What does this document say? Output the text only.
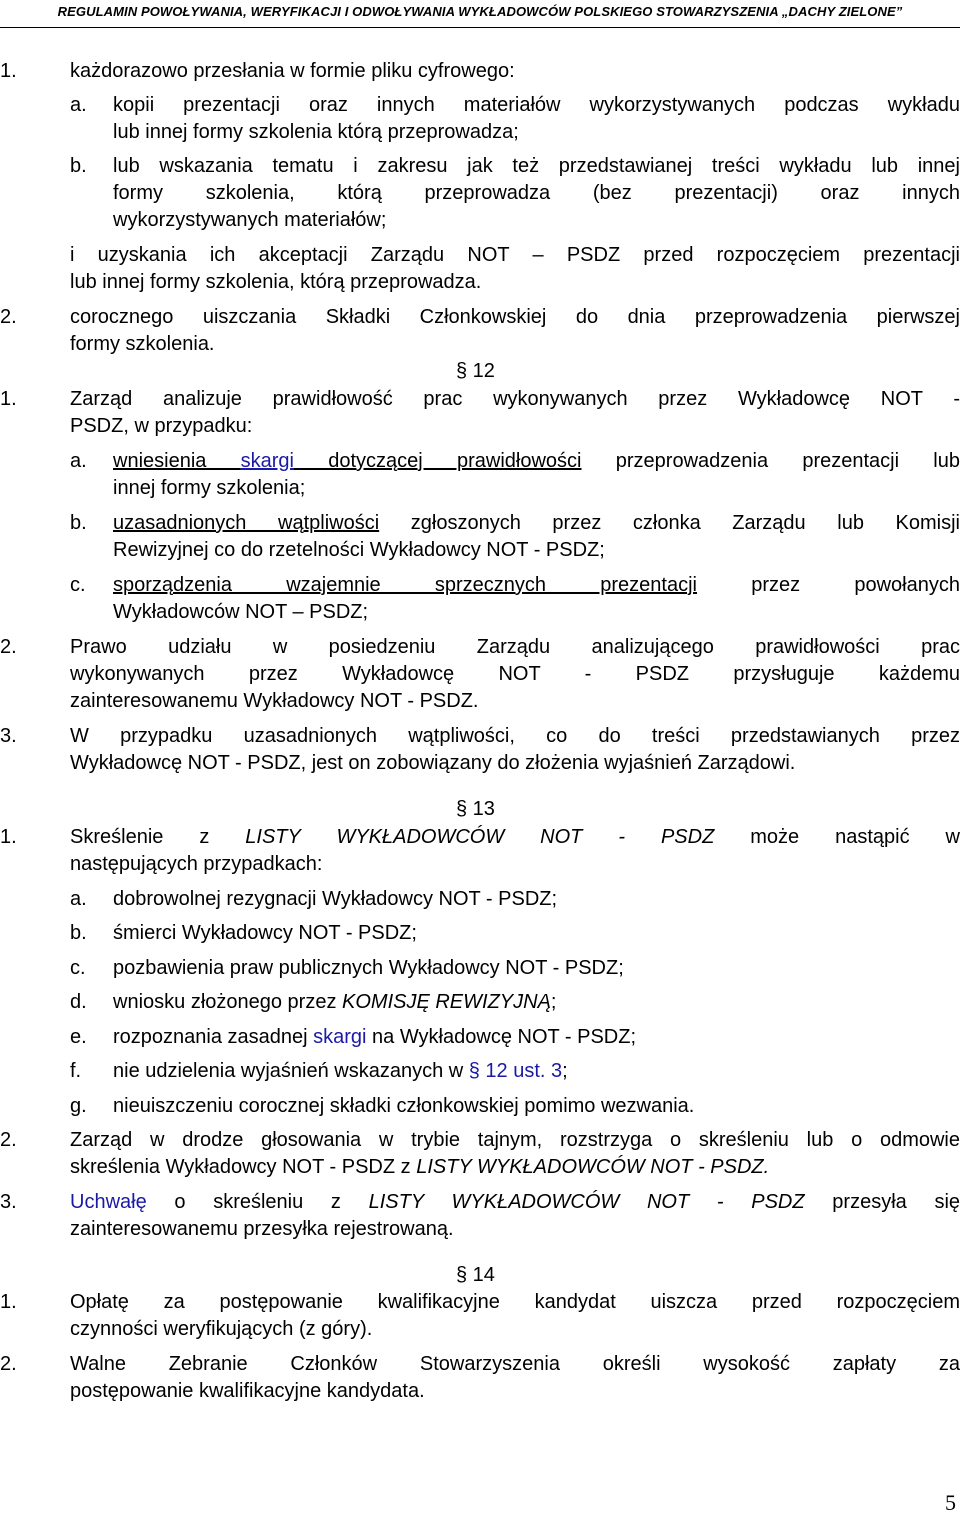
REGULAMIN POWOŁYWANIA, WERYFIKACJI I ODWOŁYWANIA WYKŁADOWCÓW POLSKIEGO STOWARZYSZENIA „DACHY ZIELONE”
1.	każdorazowo przesłania w formie pliku cyfrowego:
a. kopii prezentacji oraz innych materiałów wykorzystywanych podczas wykładu
lub innej formy szkolenia którą przeprowadza;
b. lub wskazania tematu i zakresu jak też przedstawianej treści wykładu lub innej
formy szkolenia, którą przeprowadza (bez prezentacji) oraz innych
wykorzystywanych materiałów;
i uzyskania ich akceptacji Zarządu NOT – PSDZ przed rozpoczęciem prezentacji
lub innej formy szkolenia, którą przeprowadza.
2.	corocznego uiszczania Składki Członkowskiej do dnia przeprowadzenia pierwszej
formy szkolenia.
§ 12
1.	Zarząd analizuje prawidłowość prac wykonywanych przez Wykładowcę NOT -
PSDZ, w przypadku:
a. wniesienia skargi dotyczącej prawidłowości przeprowadzenia prezentacji lub
innej formy szkolenia;
b. uzasadnionych wątpliwości zgłoszonych przez członka Zarządu lub Komisji
Rewizyjnej co do rzetelności Wykładowcy NOT - PSDZ;
c. sporządzenia wzajemnie sprzecznych prezentacji przez powołanych
Wykładowców NOT – PSDZ;
2.	Prawo udziału w posiedzeniu Zarządu analizującego prawidłowości prac
wykonywanych przez Wykładowcę NOT - PSDZ przysługuje każdemu
zainteresowanemu Wykładowcy NOT - PSDZ.
3.	W przypadku uzasadnionych wątpliwości, co do treści przedstawianych przez
Wykładowcę NOT - PSDZ, jest on zobowiązany do złożenia wyjaśnień Zarządowi.
§ 13
1.	Skreślenie z LISTY WYKŁADOWCÓW NOT - PSDZ może nastąpić w
następujących przypadkach:
a. dobrowolnej rezygnacji Wykładowcy NOT - PSDZ;
b. śmierci Wykładowcy NOT - PSDZ;
c. pozbawienia praw publicznych Wykładowcy NOT - PSDZ;
d. wniosku złożonego przez KOMISJĘ REWIZYJNĄ;
e. rozpoznania zasadnej skargi na Wykładowcę NOT - PSDZ;
f. nie udzielenia wyjaśnień wskazanych w § 12 ust. 3;
g. nieuiszczeniu corocznej składki członkowskiej pomimo wezwania.
2.	Zarząd w drodze głosowania w trybie tajnym, rozstrzyga o skreśleniu lub o odmowie
skreślenia Wykładowcy NOT - PSDZ z LISTY WYKŁADOWCÓW NOT - PSDZ.
3.	Uchwałę o skreśleniu z LISTY WYKŁADOWCÓW NOT - PSDZ przesyła się
zainteresowanemu przesyłka rejestrowaną.
§ 14
1.	Opłatę za postępowanie kwalifikacyjne kandydat uiszcza przed rozpoczęciem
czynności weryfikujących (z góry).
2.	Walne Zebranie Członków Stowarzyszenia określi wysokość zapłaty za
postępowanie kwalifikacyjne kandydata.
5
